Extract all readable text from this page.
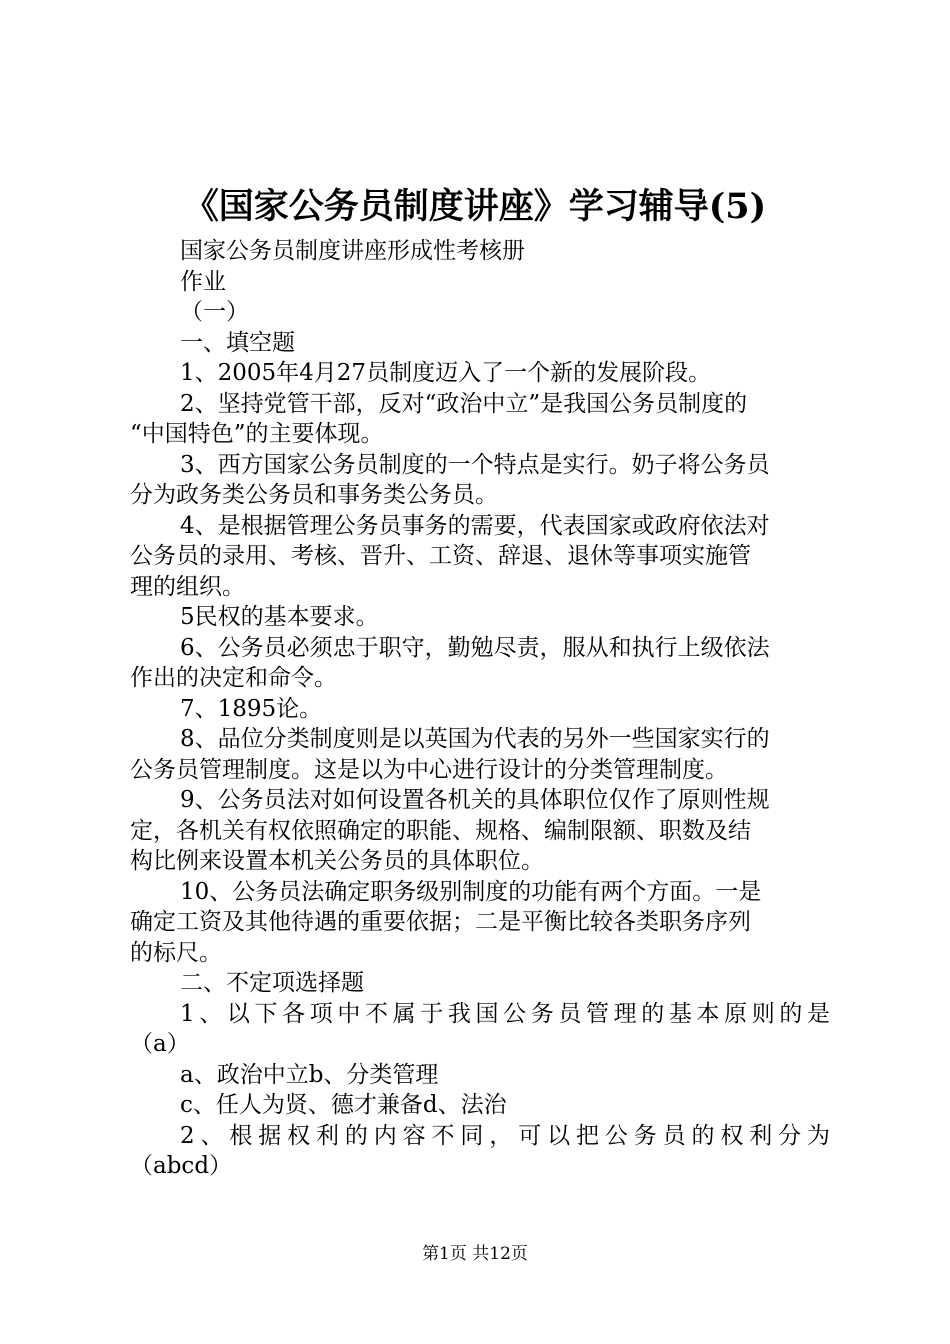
《国家公务员制度讲座》学习辅导(5)
国家公务员制度讲座形成性考核册
作业
（一）
一、填空题
1、2005年4月27员制度迈入了一个新的发展阶段。
2、坚持党管干部，反对“政治中立”是我国公务员制度的
“中国特色”的主要体现。
3、西方国家公务员制度的一个特点是实行。奶子将公务员
分为政务类公务员和事务类公务员。
4、是根据管理公务员事务的需要，代表国家或政府依法对
公务员的录用、考核、晋升、工资、辞退、退休等事项实施管
理的组织。
5民权的基本要求。
6、公务员必须忠于职守，勤勉尽责，服从和执行上级依法
作出的决定和命令。
7、1895论。
8、品位分类制度则是以英国为代表的另外一些国家实行的
公务员管理制度。这是以为中心进行设计的分类管理制度。
9、公务员法对如何设置各机关的具体职位仅作了原则性规
定，各机关有权依照确定的职能、规格、编制限额、职数及结
构比例来设置本机关公务员的具体职位。
10、公务员法确定职务级别制度的功能有两个方面。一是
确定工资及其他待遇的重要依据；二是平衡比较各类职务序列
的标尺。
二、不定项选择题
1、以下各项中不属于我国公务员管理的基本原则的是
（a）
a、政治中立b、分类管理
c、任人为贤、德才兼备d、法治
2、根据权利的内容不同，可以把公务员的权利分为
（abcd）
第1页 共12页
